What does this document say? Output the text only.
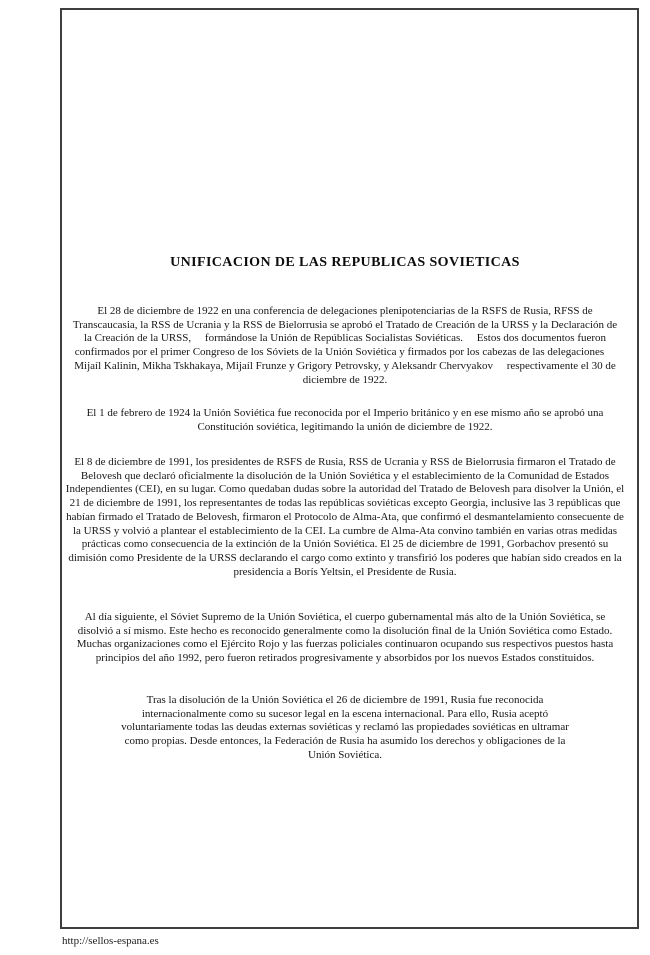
UNIFICACION DE LAS REPUBLICAS SOVIETICAS

El 28 de diciembre de 1922 en una conferencia de delegaciones plenipotenciarias de la RSFS de Rusia, RFSS de Transcaucasia, la RSS de Ucrania y la RSS de Bielorrusia se aprobó el Tratado de Creación de la URSS y la Declaración de la Creación de la URSS,     formándose la Unión de Repúblicas Socialistas Soviéticas.     Estos dos documentos fueron confirmados por el primer Congreso de los Sóviets de la Unión Soviética y firmados por los cabezas de las delegaciones     Mijaíl Kalinin, Mikha Tskhakaya, Mijaíl Frunze y Grigory Petrovsky, y Aleksandr Chervyakov     respectivamente el 30 de diciembre de 1922.

El 1 de febrero de 1924 la Unión Soviética fue reconocida por el Imperio británico y en ese mismo año se aprobó una Constitución soviética, legitimando la unión de diciembre de 1922.

El 8 de diciembre de 1991, los presidentes de RSFS de Rusia, RSS de Ucrania y RSS de Bielorrusia firmaron el Tratado de Belovesh que declaró oficialmente la disolución de la Unión Soviética y el establecimiento de la Comunidad de Estados Independientes (CEI), en su lugar. Como quedaban dudas sobre la autoridad del Tratado de Belovesh para disolver la Unión, el 21 de diciembre de 1991, los representantes de todas las repúblicas soviéticas excepto Georgia, inclusive las 3 repúblicas que habían firmado el Tratado de Belovesh, firmaron el Protocolo de Alma-Ata, que confirmó el desmantelamiento consecuente de la URSS y volvió a plantear el establecimiento de la CEI. La cumbre de Alma-Ata convino también en varias otras medidas prácticas como consecuencia de la extinción de la Unión Soviética. El 25 de diciembre de 1991, Gorbachov presentó su dimisión como Presidente de la URSS declarando el cargo como extinto y transfirió los poderes que habían sido creados en la presidencia a Borís Yeltsin, el Presidente de Rusia.

Al día siguiente, el Sóviet Supremo de la Unión Soviética, el cuerpo gubernamental más alto de la Unión Soviética, se disolvió a sí mismo. Este hecho es reconocido generalmente como la disolución final de la Unión Soviética como Estado. Muchas organizaciones como el Ejército Rojo y las fuerzas policiales continuaron ocupando sus respectivos puestos hasta principios del año 1992, pero fueron retirados progresivamente y absorbidos por los nuevos Estados constituidos.

Tras la disolución de la Unión Soviética el 26 de diciembre de 1991, Rusia fue reconocida internacionalmente como su sucesor legal en la escena internacional. Para ello, Rusia aceptó voluntariamente todas las deudas externas soviéticas y reclamó las propiedades soviéticas en ultramar como propias. Desde entonces, la Federación de Rusia ha asumido los derechos y obligaciones de la Unión Soviética.

http://sellos-espana.es
